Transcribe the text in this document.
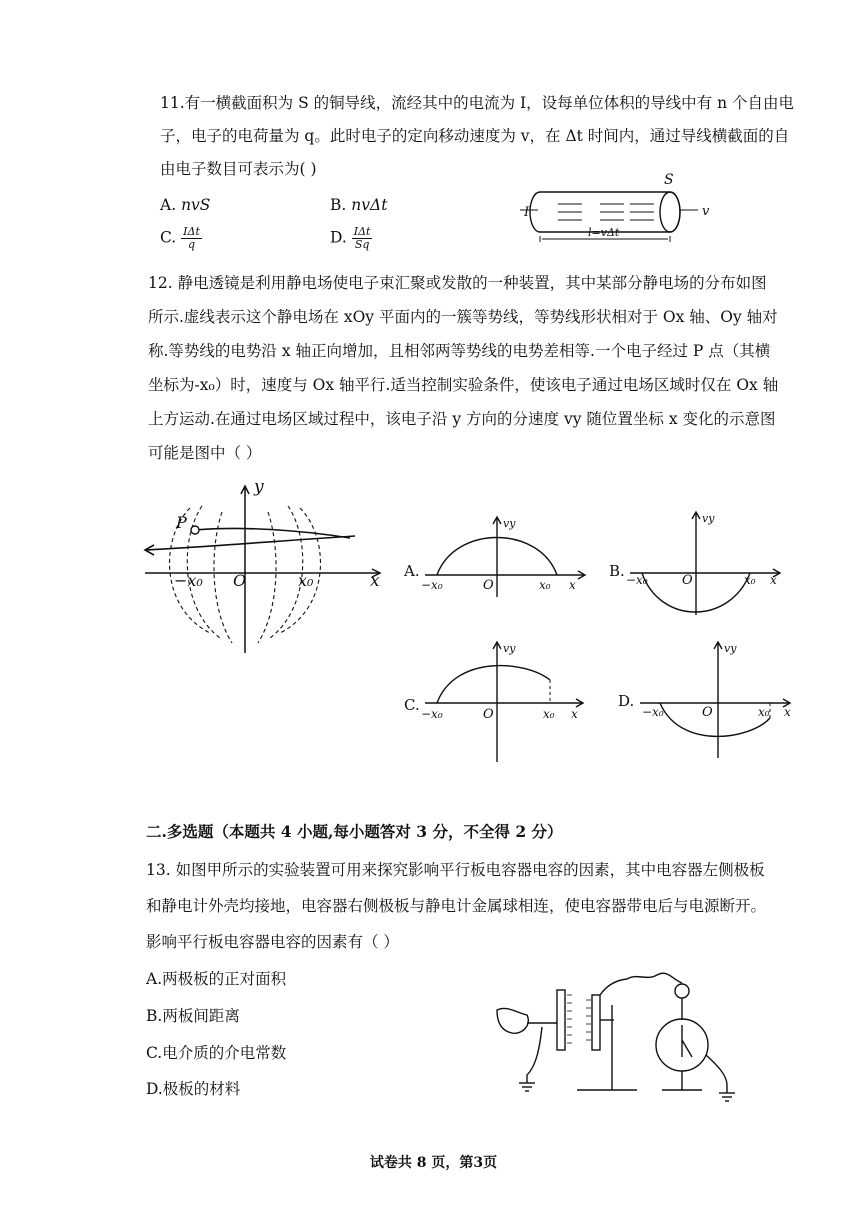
11.有一横截面积为 S 的铜导线，流经其中的电流为 I，设每单位体积的导线中有 n 个自由电
子，电子的电荷量为 q。此时电子的定向移动速度为 v，在 Δt 时间内，通过导线横截面的自
由电子数目可表示为( )
A. nvS	B. nvΔt
C. $\frac{\text{IΔt}}{q}$	D. $\frac{\text{IΔt}}{Sq}$
I
S
v
l=vΔt
12. 静电透镜是利用静电场使电子束汇聚或发散的一种装置，其中某部分静电场的分布如图
所示.虚线表示这个静电场在 xOy 平面内的一簇等势线，等势线形状相对于 Ox 轴、Oy 轴对
称.等势线的电势沿 x 轴正向增加，且相邻两等势线的电势差相等.一个电子经过 P 点（其横
坐标为-x₀）时，速度与 Ox 轴平行.适当控制实验条件，使该电子通过电场区域时仅在 Ox 轴
上方运动.在通过电场区域过程中，该电子沿 y 方向的分速度 vy 随位置坐标 x 变化的示意图
可能是图中（ ）
y
x
P
O
−x₀	x₀	A.
vy
−x₀	O	x₀ x
B.
vy
−x₀	O	x₀ x
C.
vy
−x₀	O	x₀ x
D.
vy
−x₀	O	x₀ x
二.多选题（本题共 4 小题,每小题答对 3 分，不全得 2 分）
13. 如图甲所示的实验装置可用来探究影响平行板电容器电容的因素，其中电容器左侧极板
和静电计外壳均接地，电容器右侧极板与静电计金属球相连，使电容器带电后与电源断开。
影响平行板电容器电容的因素有（ ）
A.两极板的正对面积
B.两板间距离
C.电介质的介电常数
D.极板的材料
试卷共 8 页，第3页
